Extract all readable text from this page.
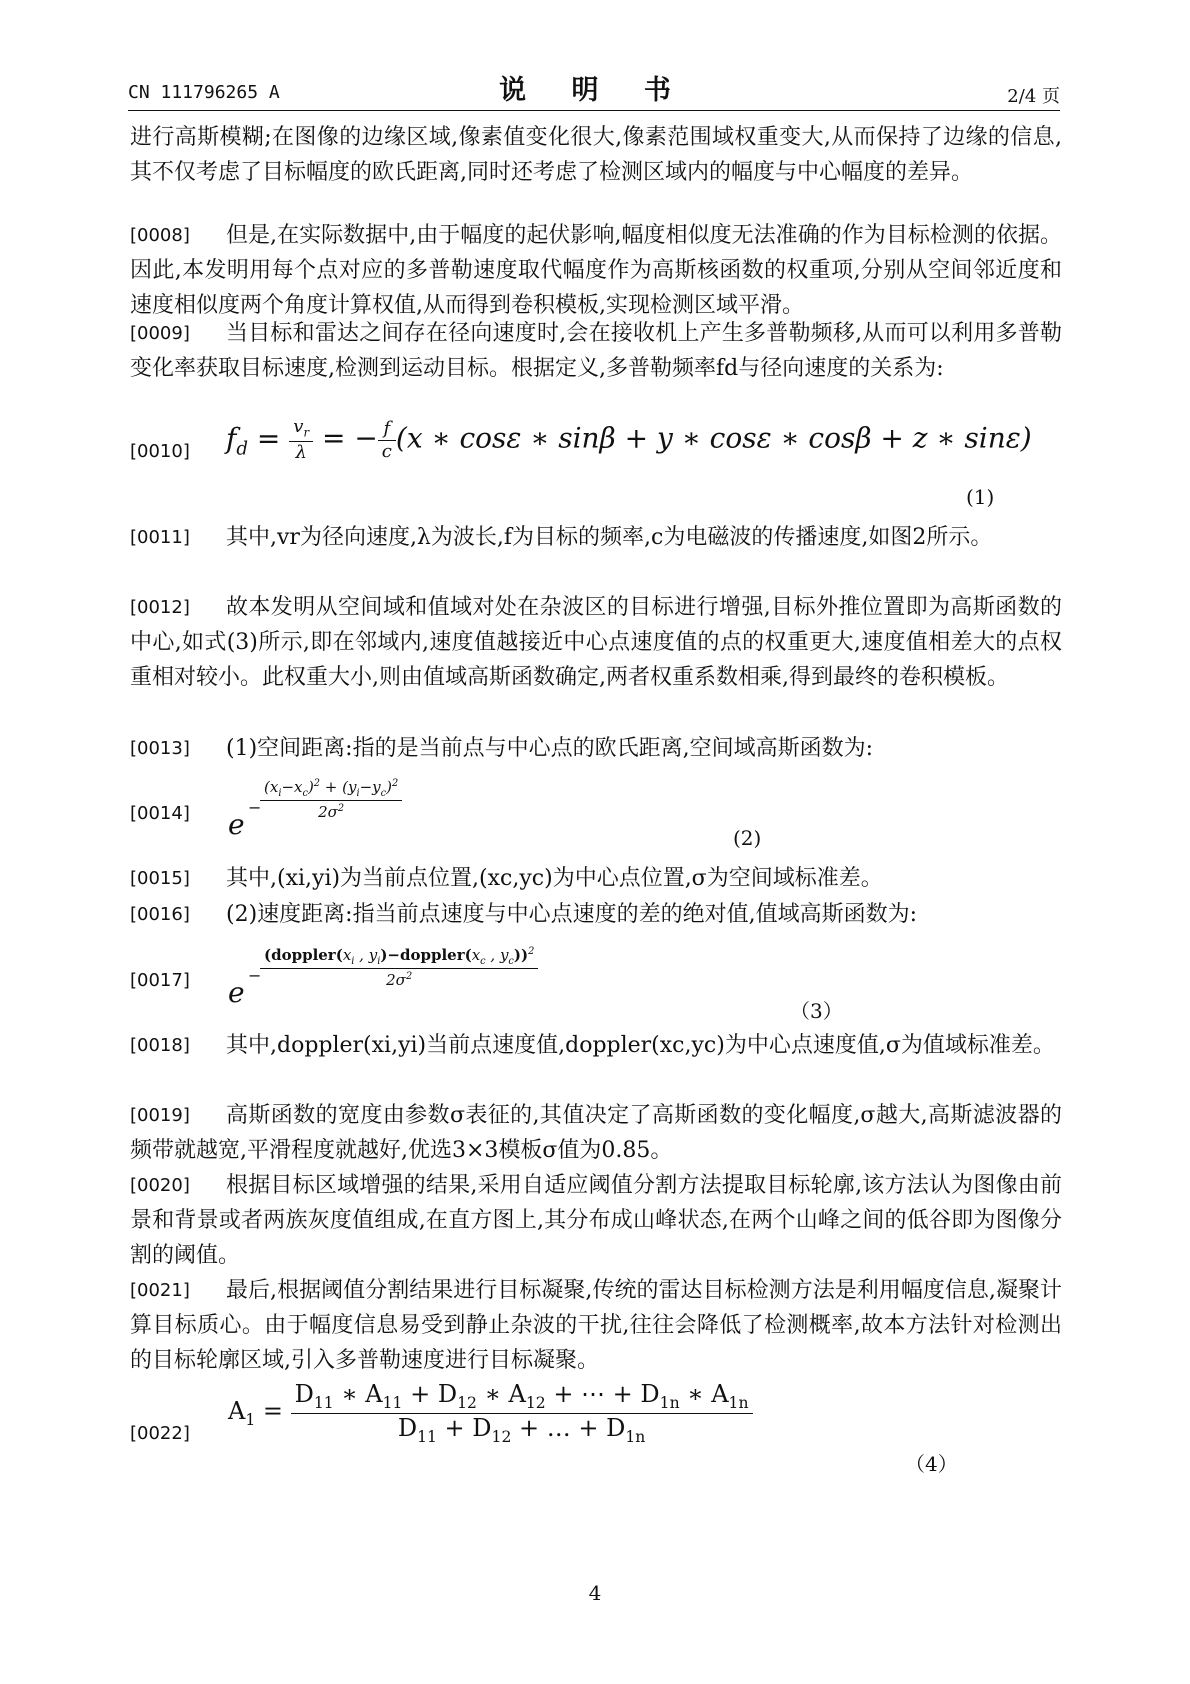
CN 111796265 A	说 明 书	2/4 页

进行高斯模糊;在图像的边缘区域,像素值变化很大,像素范围域权重变大,从而保持了边缘的信息,其不仅考虑了目标幅度的欧氏距离,同时还考虑了检测区域内的幅度与中心幅度的差异。

[0008]	但是,在实际数据中,由于幅度的起伏影响,幅度相似度无法准确的作为目标检测的依据。因此,本发明用每个点对应的多普勒速度取代幅度作为高斯核函数的权重项,分别从空间邻近度和速度相似度两个角度计算权值,从而得到卷积模板,实现检测区域平滑。

[0009]	当目标和雷达之间存在径向速度时,会在接收机上产生多普勒频移,从而可以利用多普勒变化率获取目标速度,检测到运动目标。根据定义,多普勒频率fd与径向速度的关系为:

[0010] $f_d = \frac{v_r}{\lambda}$ = − $\frac{f}{c} (x$ ∗ cosε ∗ sinβ + y ∗ cosε ∗ cosβ + z ∗ sinε)
(1)
[0011]	其中,vr为径向速度,λ为波长,f为目标的频率,c为电磁波的传播速度,如图2所示。

[0012]	故本发明从空间域和值域对处在杂波区的目标进行增强,目标外推位置即为高斯函数的中心,如式(3)所示,即在邻域内,速度值越接近中心点速度值的点的权重更大,速度值相差大的点权重相对较小。此权重大小,则由值域高斯函数确定,两者权重系数相乘,得到最终的卷积模板。

[0013]	(1)空间距离:指的是当前点与中心点的欧氏距离,空间域高斯函数为:

[0014] e
−
$\frac{(x_i-x_c)^2 + (y_i-y_c)^2}{2\sigma^2}$
(2)
[0015]	其中,(xi,yi)为当前点位置,(xc,yc)为中心点位置,σ为空间域标准差。

[0016]	(2)速度距离:指当前点速度与中心点速度的差的绝对值,值域高斯函数为:

[0017] e
−
($doppler(x_i$ , $y_i)-doppler(x_c$ , $y_c))^2$
$2\sigma^2$
（3）
[0018]	其中,doppler(xi,yi)当前点速度值,doppler(xc,yc)为中心点速度值,σ为值域标准差。

[0019]	高斯函数的宽度由参数σ表征的,其值决定了高斯函数的变化幅度,σ越大,高斯滤波器的频带就越宽,平滑程度就越好,优选3×3模板σ值为0.85。

[0020]	根据目标区域增强的结果,采用自适应阈值分割方法提取目标轮廓,该方法认为图像由前景和背景或者两族灰度值组成,在直方图上,其分布成山峰状态,在两个山峰之间的低谷即为图像分割的阈值。

[0021]	最后,根据阈值分割结果进行目标凝聚,传统的雷达目标检测方法是利用幅度信息,凝聚计算目标质心。由于幅度信息易受到静止杂波的干扰,往往会降低了检测概率,故本方法针对检测出的目标轮廓区域,引入多普勒速度进行目标凝聚。

[0022]
$A_1 = \frac{D_{11} ∗ A_{11} + D_{12} ∗ A_{12} + \cdots + D_{1n} ∗ A_{1n}}{D_{11} + D_{12} + \dots + D_{1n}}$
（4）
4
